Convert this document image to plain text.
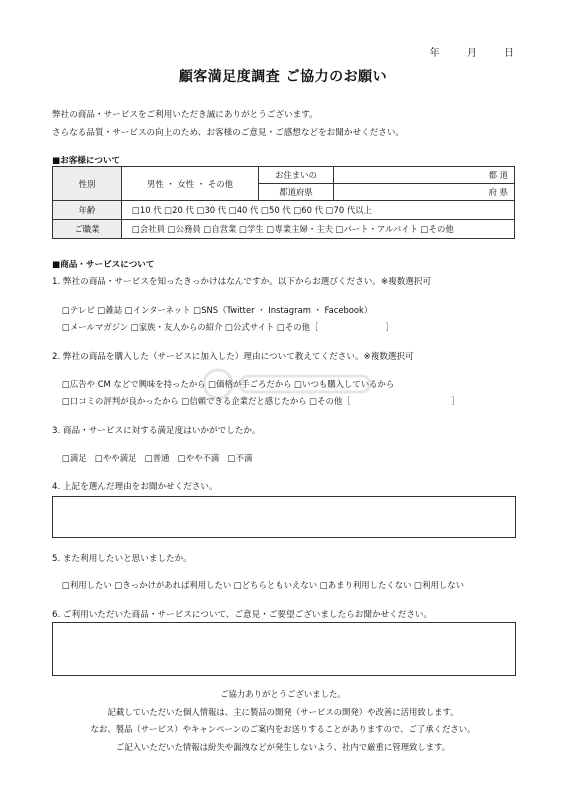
年	月	日
顧客満足度調査 ご協力のお願い
弊社の商品・サービスをご利用いただき誠にありがとうございます。
さらなる品質・サービスの向上のため、お客様のご意見・ご感想などをお聞かせください。
■お客様について
性別	男性 ・ 女性 ・ その他	お住まいの	都 道
		都道府県	府 県
年齢	□10 代 □20 代 □30 代 □40 代 □50 代 □60 代 □70 代以上		
ご職業	□会社員 □公務員 □自営業 □学生 □専業主婦・主夫 □パート・アルバイト □その他		
■商品・サービスについて
1. 弊社の商品・サービスを知ったきっかけはなんですか。以下からお選びください。※複数選択可
□テレビ □雑誌 □インターネット □SNS（Twitter ・ Instagram ・ Facebook）
□メールマガジン □家族・友人からの紹介 □公式サイト □その他［　　　　　　　　］
2. 弊社の商品を購入した（サービスに加入した）理由について教えてください。※複数選択可
□広告や CM などで興味を持ったから □価格が手ごろだから □いつも購入しているから
□口コミの評判が良かったから □信頼できる企業だと感じたから □その他［　　　　　　　　　　　　］
3. 商品・サービスに対する満足度はいかがでしたか。
□満足　□やや満足　□普通　□やや不満　□不満
4. 上記を選んだ理由をお聞かせください。
5. また利用したいと思いましたか。
□利用したい □きっかけがあれば利用したい □どちらともいえない □あまり利用したくない □利用しない
6. ご利用いただいた商品・サービスについて、ご意見・ご要望ございましたらお聞かせください。
ご協力ありがとうございました。
記載していただいた個人情報は、主に製品の開発（サービスの開発）や改善に活用致します。
なお、製品（サービス）やキャンペーンのご案内をお送りすることがありますので、ご了承ください。
ご記入いただいた情報は紛失や漏洩などが発生しないよう、社内で厳重に管理致します。
